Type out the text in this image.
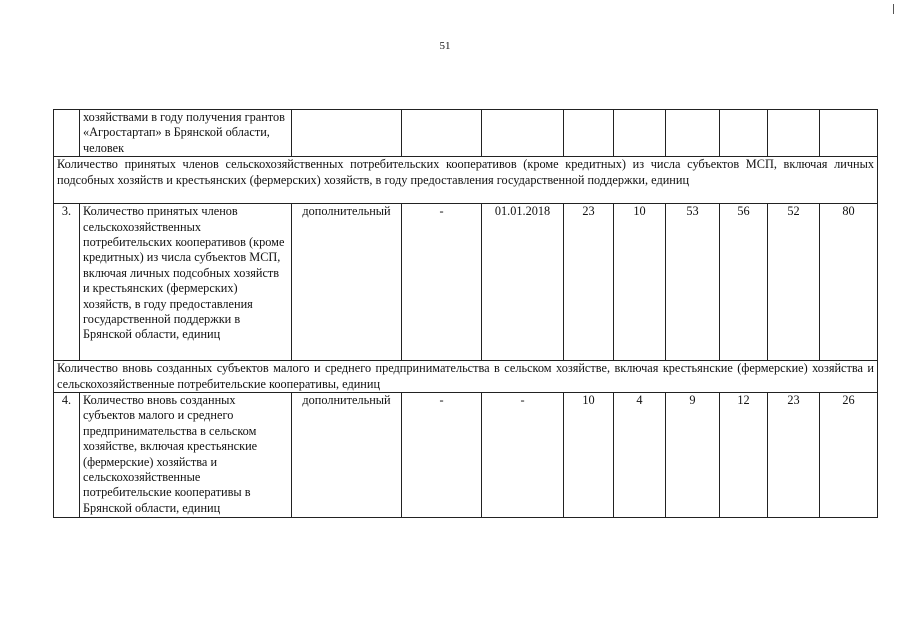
51
	хозяйствами в году получения грантов «Агростартап» в Брянской области, человек									
Количество принятых членов сельскохозяйственных потребительских кооперативов (кроме кредитных) из числа субъектов МСП, включая личных подсобных хозяйств и крестьянских (фермерских) хозяйств, в году предоставления государственной поддержки, единиц										
3.	Количество принятых членов сельскохозяйственных потребительских кооперативов (кроме кредитных) из числа субъектов МСП, включая личных подсобных хозяйств и крестьянских (фермерских) хозяйств, в году предоставления государственной поддержки в Брянской области, единиц	дополнительный	-	01.01.2018	23	10	53	56	52	80
Количество вновь созданных субъектов малого и среднего предпринимательства в сельском хозяйстве, включая крестьянские (фермерские) хозяйства и сельскохозяйственные потребительские кооперативы, единиц										
4.	Количество вновь созданных субъектов малого и среднего предпринимательства в сельском хозяйстве, включая крестьянские (фермерские) хозяйства и сельскохозяйственные потребительские кооперативы в Брянской области, единиц	дополнительный	-	-	10	4	9	12	23	26
